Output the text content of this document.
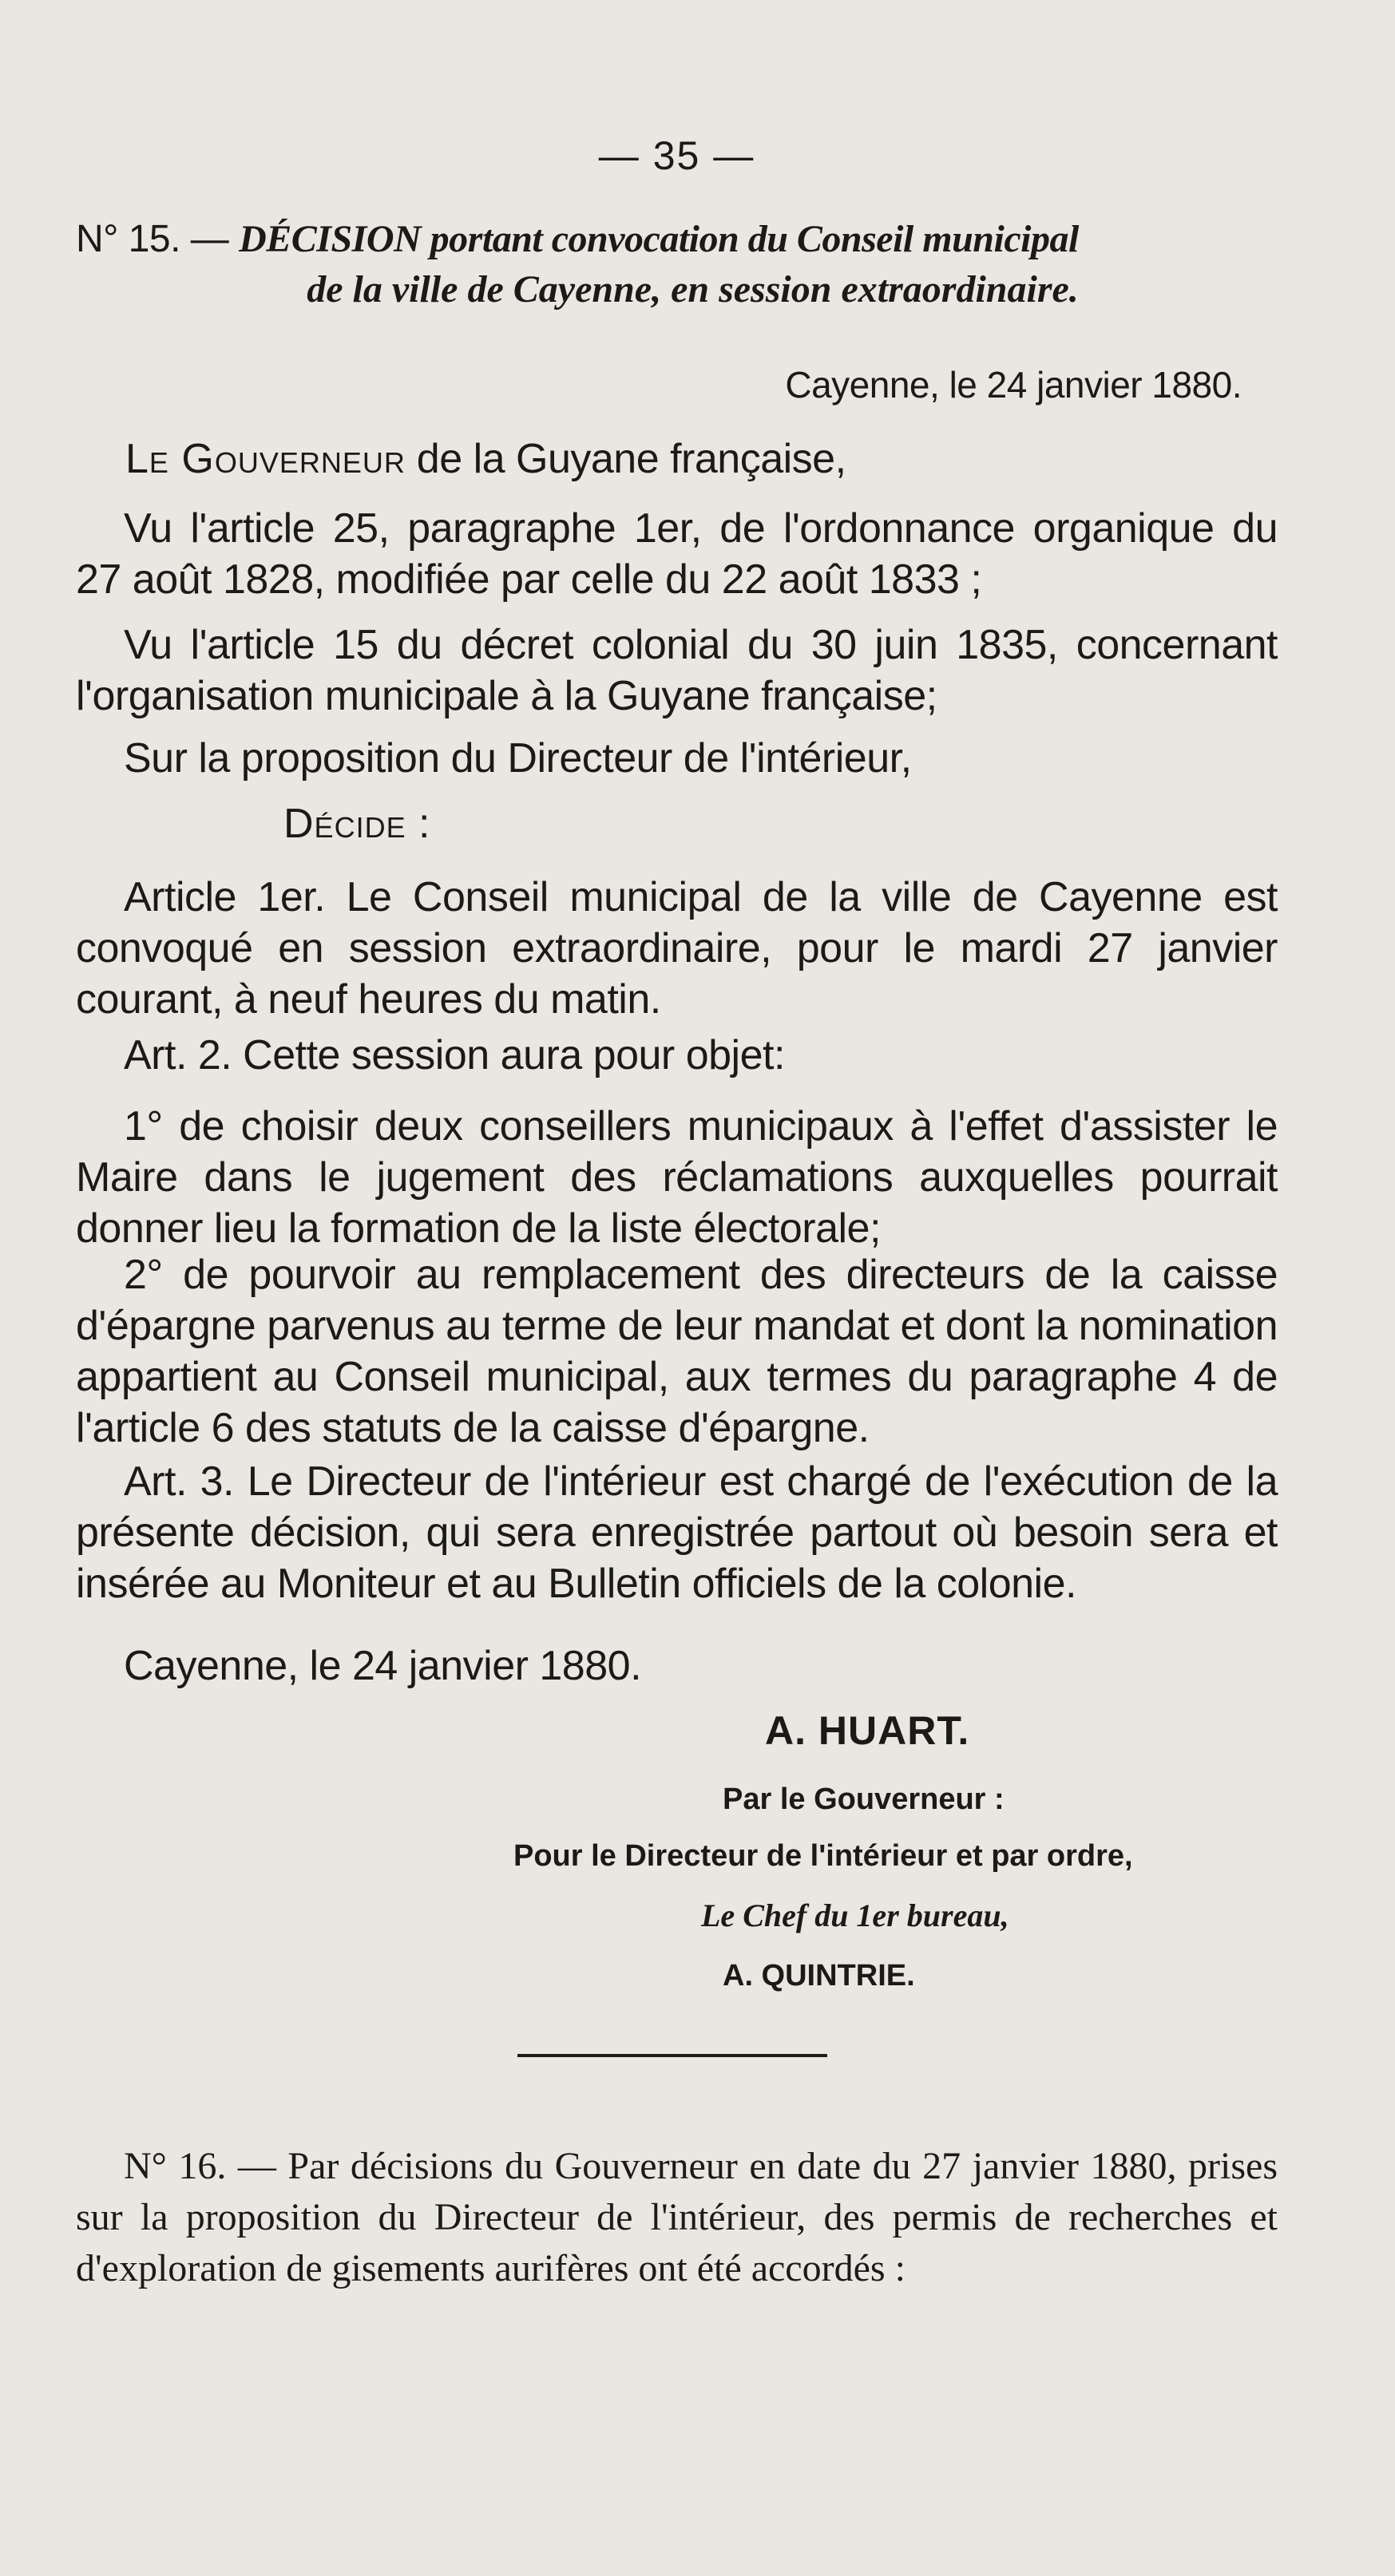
— 35 —
N° 15. — DÉCISION portant convocation du Conseil municipal
de la ville de Cayenne, en session extraordinaire.
Cayenne, le 24 janvier 1880.
Le Gouverneur de la Guyane française,

Vu l'article 25, paragraphe 1er, de l'ordonnance organique du 27 août 1828, modifiée par celle du 22 août 1833 ;

Vu l'article 15 du décret colonial du 30 juin 1835, concernant l'organisation municipale à la Guyane française;

Sur la proposition du Directeur de l'intérieur,

Décide :

Article 1er. Le Conseil municipal de la ville de Cayenne est convoqué en session extraordinaire, pour le mardi 27 janvier courant, à neuf heures du matin.

Art. 2. Cette session aura pour objet:

1° de choisir deux conseillers municipaux à l'effet d'assister le Maire dans le jugement des réclamations auxquelles pourrait donner lieu la formation de la liste électorale;

2° de pourvoir au remplacement des directeurs de la caisse d'épargne parvenus au terme de leur mandat et dont la nomination appartient au Conseil municipal, aux termes du paragraphe 4 de l'article 6 des statuts de la caisse d'épargne.

Art. 3. Le Directeur de l'intérieur est chargé de l'exécution de la présente décision, qui sera enregistrée partout où besoin sera et insérée au Moniteur et au Bulletin officiels de la colonie.

Cayenne, le 24 janvier 1880.

A. HUART.
Par le Gouverneur :
Pour le Directeur de l'intérieur et par ordre,
Le Chef du 1er bureau,
A. QUINTRIE.

N° 16. — Par décisions du Gouverneur en date du 27 janvier 1880, prises sur la proposition du Directeur de l'intérieur, des permis de recherches et d'exploration de gisements aurifères ont été accordés :
